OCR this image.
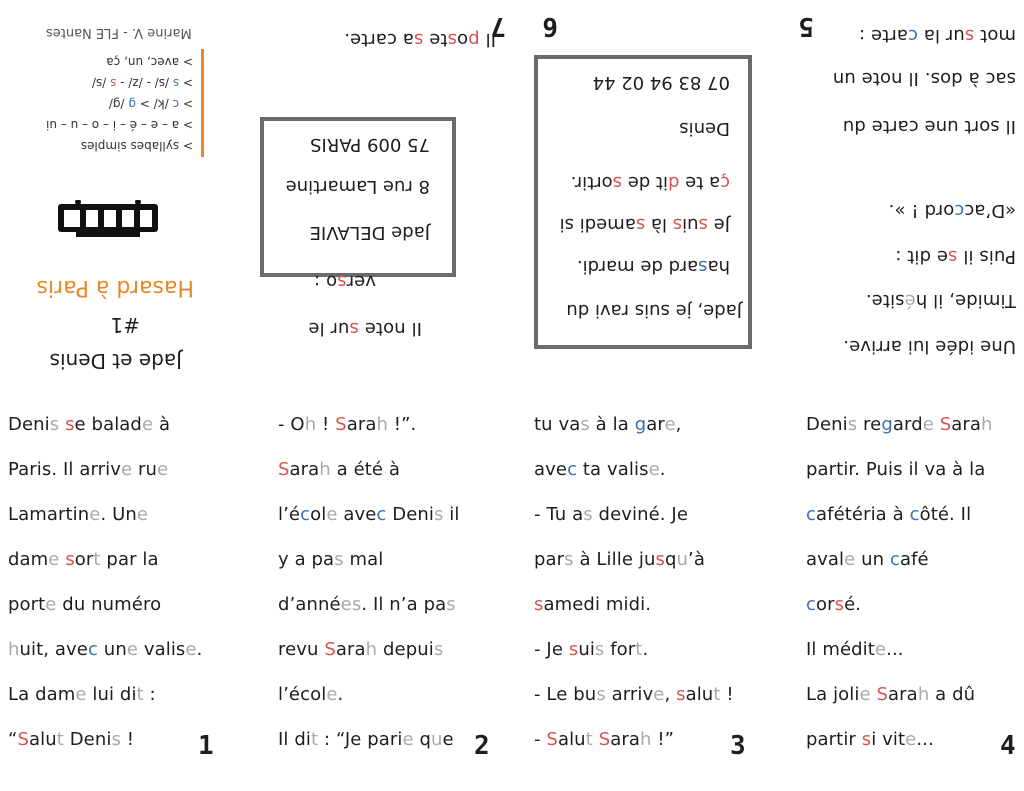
Marine V. - FLE Nantes
> syllabes simples
> a – e – é – i – o – u – ui
> c /k/ > g /g/
> s /s/ - /z/ - s /s/
> avec, un, ça
Hasard à Paris
#1
Jade et Denis
7
Il poste sa carte.
75 009 PARIS
8 rue Lamartine
Jade DELAVIE
verso :
Il note sur le
6
07 83 94 02 44
Denis
ça te dit de sortir.
Je suis là samedi si
hasard de mardi.
Jade, je suis ravi du
5	mot sur la carte :
sac à dos. Il note un
Il sort une carte du
«D’accord ! ».
Puis il se dit :
Timide, il hésite.
Une idée lui arrive.
Denis se balade à
Paris. Il arrive rue
Lamartine. Une
dame sort par la
porte du numéro
huit, avec une valise.
La dame lui dit :
“Salut Denis ! 1
- Oh ! Sarah !”.
Sarah a été à
l’école avec Denis il
y a pas mal
d’années. Il n’a pas
revu Sarah depuis
l’école.
Il dit : “Je parie que 2
tu vas à la gare,
avec ta valise.
- Tu as deviné. Je
pars à Lille jusqu’à
samedi midi.
- Je suis fort.
- Le bus arrive, salut !
- Salut Sarah !” 3
Denis regarde Sarah
partir. Puis il va à la
cafétéria à côté. Il
avale un café
corsé.
Il médite...
La jolie Sarah a dû
partir si vite...	4
